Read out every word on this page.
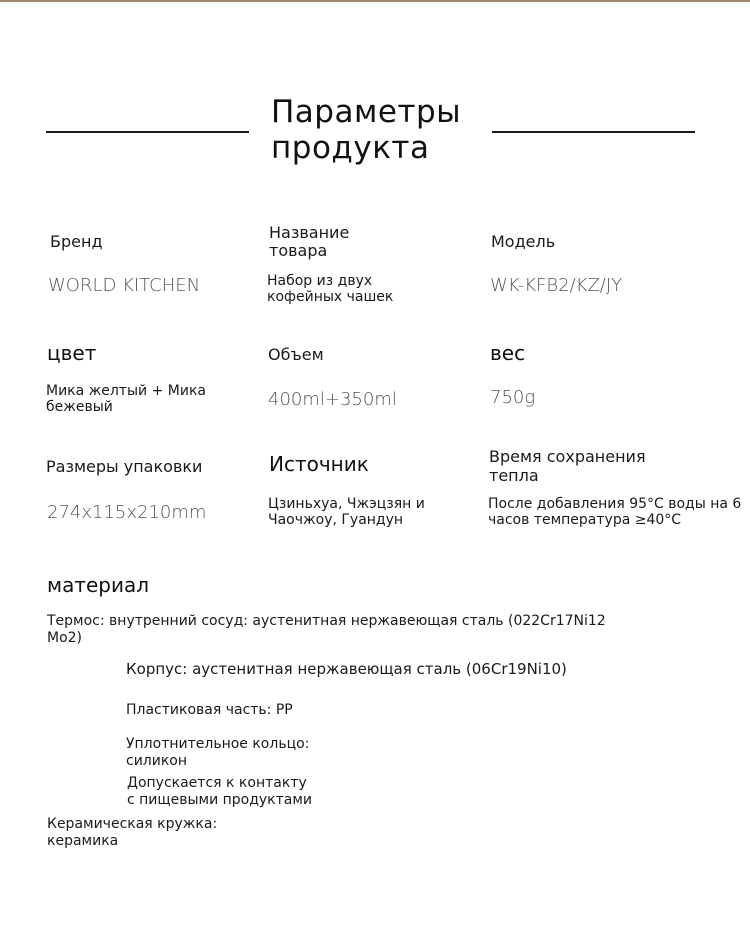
Параметры
продукта
Бренд
WORLD KITCHEN
Название
товара
Набор из двух
кофейных чашек
Модель
WK-KFB2/KZ/JY
цвет
Мика желтый + Мика
бежевый
Объем
400ml+350ml
вес
750g
Размеры упаковки
274x115x210mm
Источник
Цзиньхуа, Чжэцзян и
Чаочжоу, Гуандун
Время сохранения
тепла
После добавления 95°C воды на 6
часов температура ≥40°C
материал
Термос: внутренний сосуд: аустенитная нержавеющая сталь (022Cr17Ni12
Mo2)
Корпус: аустенитная нержавеющая сталь (06Cr19Ni10)
Пластиковая часть: PP
Уплотнительное кольцо:
силикон
Допускается к контакту
с пищевыми продуктами
Керамическая кружка:
керамика
